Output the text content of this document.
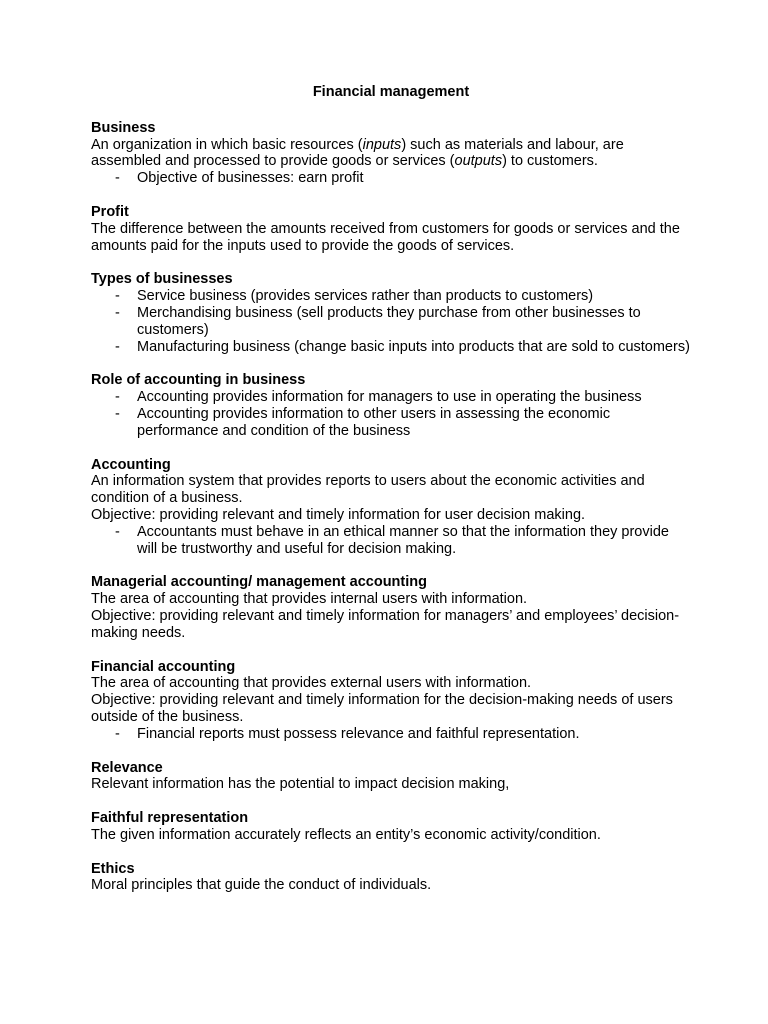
Financial management
Business
An organization in which basic resources (inputs) such as materials and labour, are assembled and processed to provide goods or services (outputs) to customers.
- Objective of businesses: earn profit
Profit
The difference between the amounts received from customers for goods or services and the amounts paid for the inputs used to provide the goods of services.
Types of businesses
- Service business (provides services rather than products to customers)
- Merchandising business (sell products they purchase from other businesses to customers)
- Manufacturing business (change basic inputs into products that are sold to customers)
Role of accounting in business
- Accounting provides information for managers to use in operating the business
- Accounting provides information to other users in assessing the economic performance and condition of the business
Accounting
An information system that provides reports to users about the economic activities and condition of a business.
Objective: providing relevant and timely information for user decision making.
- Accountants must behave in an ethical manner so that the information they provide will be trustworthy and useful for decision making.
Managerial accounting/ management accounting
The area of accounting that provides internal users with information.
Objective: providing relevant and timely information for managers’ and employees’ decision-making needs.
Financial accounting
The area of accounting that provides external users with information.
Objective: providing relevant and timely information for the decision-making needs of users outside of the business.
- Financial reports must possess relevance and faithful representation.
Relevance
Relevant information has the potential to impact decision making,
Faithful representation
The given information accurately reflects an entity’s economic activity/condition.
Ethics
Moral principles that guide the conduct of individuals.
